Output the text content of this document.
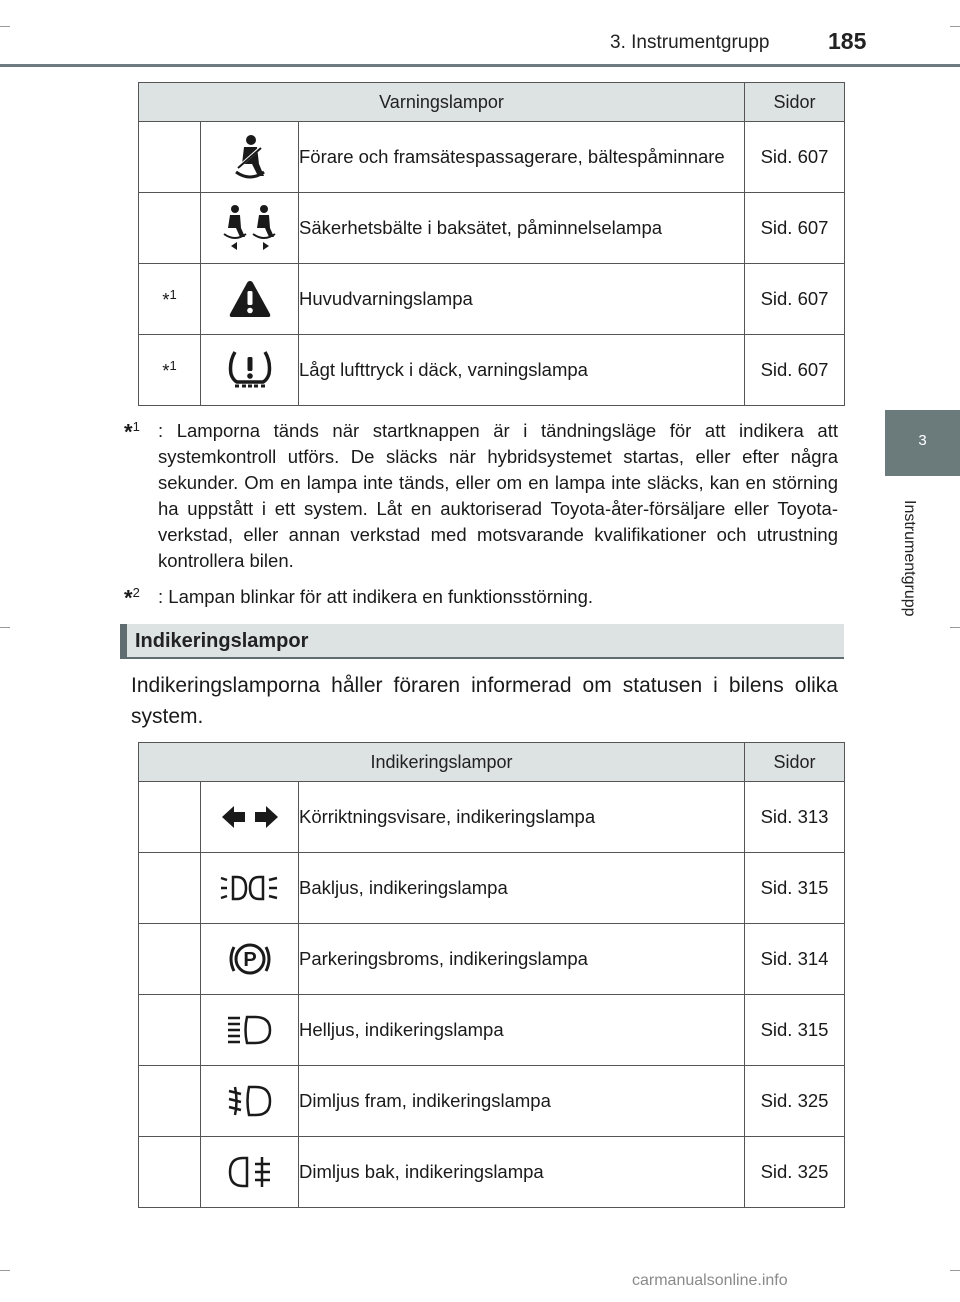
3. Instrumentgrupp	185
3
Instrumentgrupp
Varningslampor			Sidor

	Förare och framsätespassagerare, bältespåminnare	Sid. 607

	Säkerhetsbälte i baksätet, påminnelselampa	Sid. 607
*$^1$		Huvudvarningslampa	Sid. 607
*$^1$		Lågt lufttryck i däck, varningslampa	Sid. 607
*$^1$ : Lamporna tänds när startknappen är i tändningsläge för att indikera att systemkontroll utförs. De släcks när hybridsystemet startas, eller efter några sekunder. Om en lampa inte tänds, eller om en lampa inte släcks, kan en störning ha uppstått i ett system. Låt en auktoriserad Toyota-åter-försäljare eller Toyota-verkstad, eller annan verkstad med motsvarande kvalifikationer och utrustning kontrollera bilen.
*$^2$ : Lampan blinkar för att indikera en funktionsstörning.
Indikeringslampor
Indikeringslamporna håller föraren informerad om statusen i bilens olika system.
Indikeringslampor			Sidor

	Körriktningsvisare, indikeringslampa	Sid. 313

	Bakljus, indikeringslampa	Sid. 315

P	Parkeringsbroms, indikeringslampa	Sid. 314

	Helljus, indikeringslampa	Sid. 315

	Dimljus fram, indikeringslampa	Sid. 325

	Dimljus bak, indikeringslampa	Sid. 325
carmanualsonline.info
